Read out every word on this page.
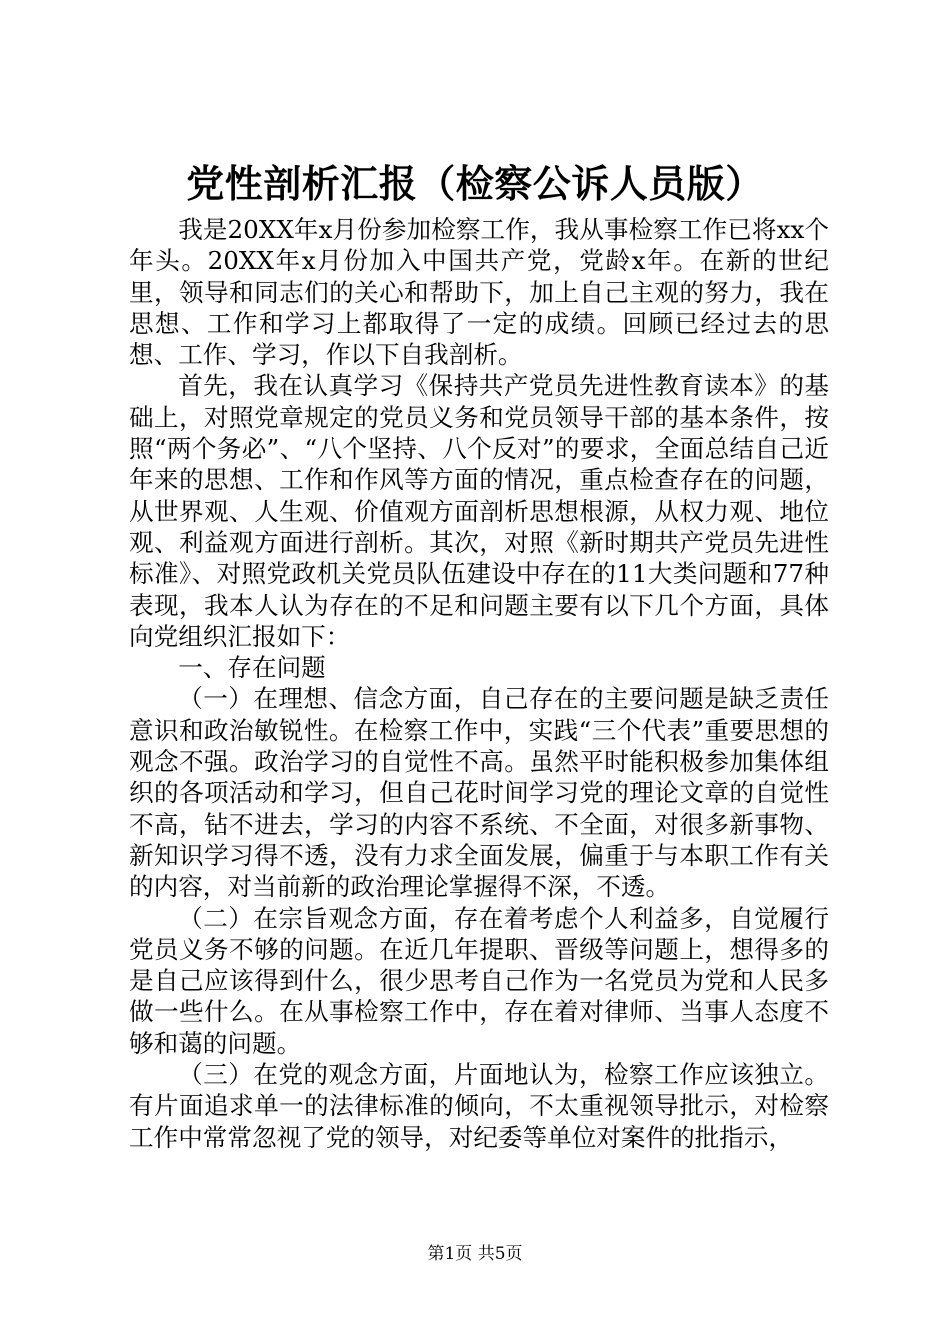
党性剖析汇报（检察公诉人员版）

我是20XX年x月份参加检察工作，我从事检察工作已将xx个年头。20XX年x月份加入中国共产党，党龄x年。在新的世纪里，领导和同志们的关心和帮助下，加上自己主观的努力，我在思想、工作和学习上都取得了一定的成绩。回顾已经过去的思想、工作、学习，作以下自我剖析。

首先，我在认真学习《保持共产党员先进性教育读本》的基础上，对照党章规定的党员义务和党员领导干部的基本条件，按照“两个务必”、“八个坚持、八个反对”的要求，全面总结自己近年来的思想、工作和作风等方面的情况，重点检查存在的问题，从世界观、人生观、价值观方面剖析思想根源，从权力观、地位观、利益观方面进行剖析。其次，对照《新时期共产党员先进性标准》、对照党政机关党员队伍建设中存在的11大类问题和77种表现，我本人认为存在的不足和问题主要有以下几个方面，具体向党组织汇报如下：

一、存在问题

（一）在理想、信念方面，自己存在的主要问题是缺乏责任意识和政治敏锐性。在检察工作中，实践“三个代表”重要思想的观念不强。政治学习的自觉性不高。虽然平时能积极参加集体组织的各项活动和学习，但自己花时间学习党的理论文章的自觉性不高，钻不进去，学习的内容不系统、不全面，对很多新事物、新知识学习得不透，没有力求全面发展，偏重于与本职工作有关的内容，对当前新的政治理论掌握得不深，不透。

（二）在宗旨观念方面，存在着考虑个人利益多，自觉履行党员义务不够的问题。在近几年提职、晋级等问题上，想得多的是自己应该得到什么，很少思考自己作为一名党员为党和人民多做一些什么。在从事检察工作中，存在着对律师、当事人态度不够和蔼的问题。

（三）在党的观念方面，片面地认为，检察工作应该独立。有片面追求单一的法律标准的倾向，不太重视领导批示，对检察工作中常常忽视了党的领导，对纪委等单位对案件的批指示，

第1页 共5页
